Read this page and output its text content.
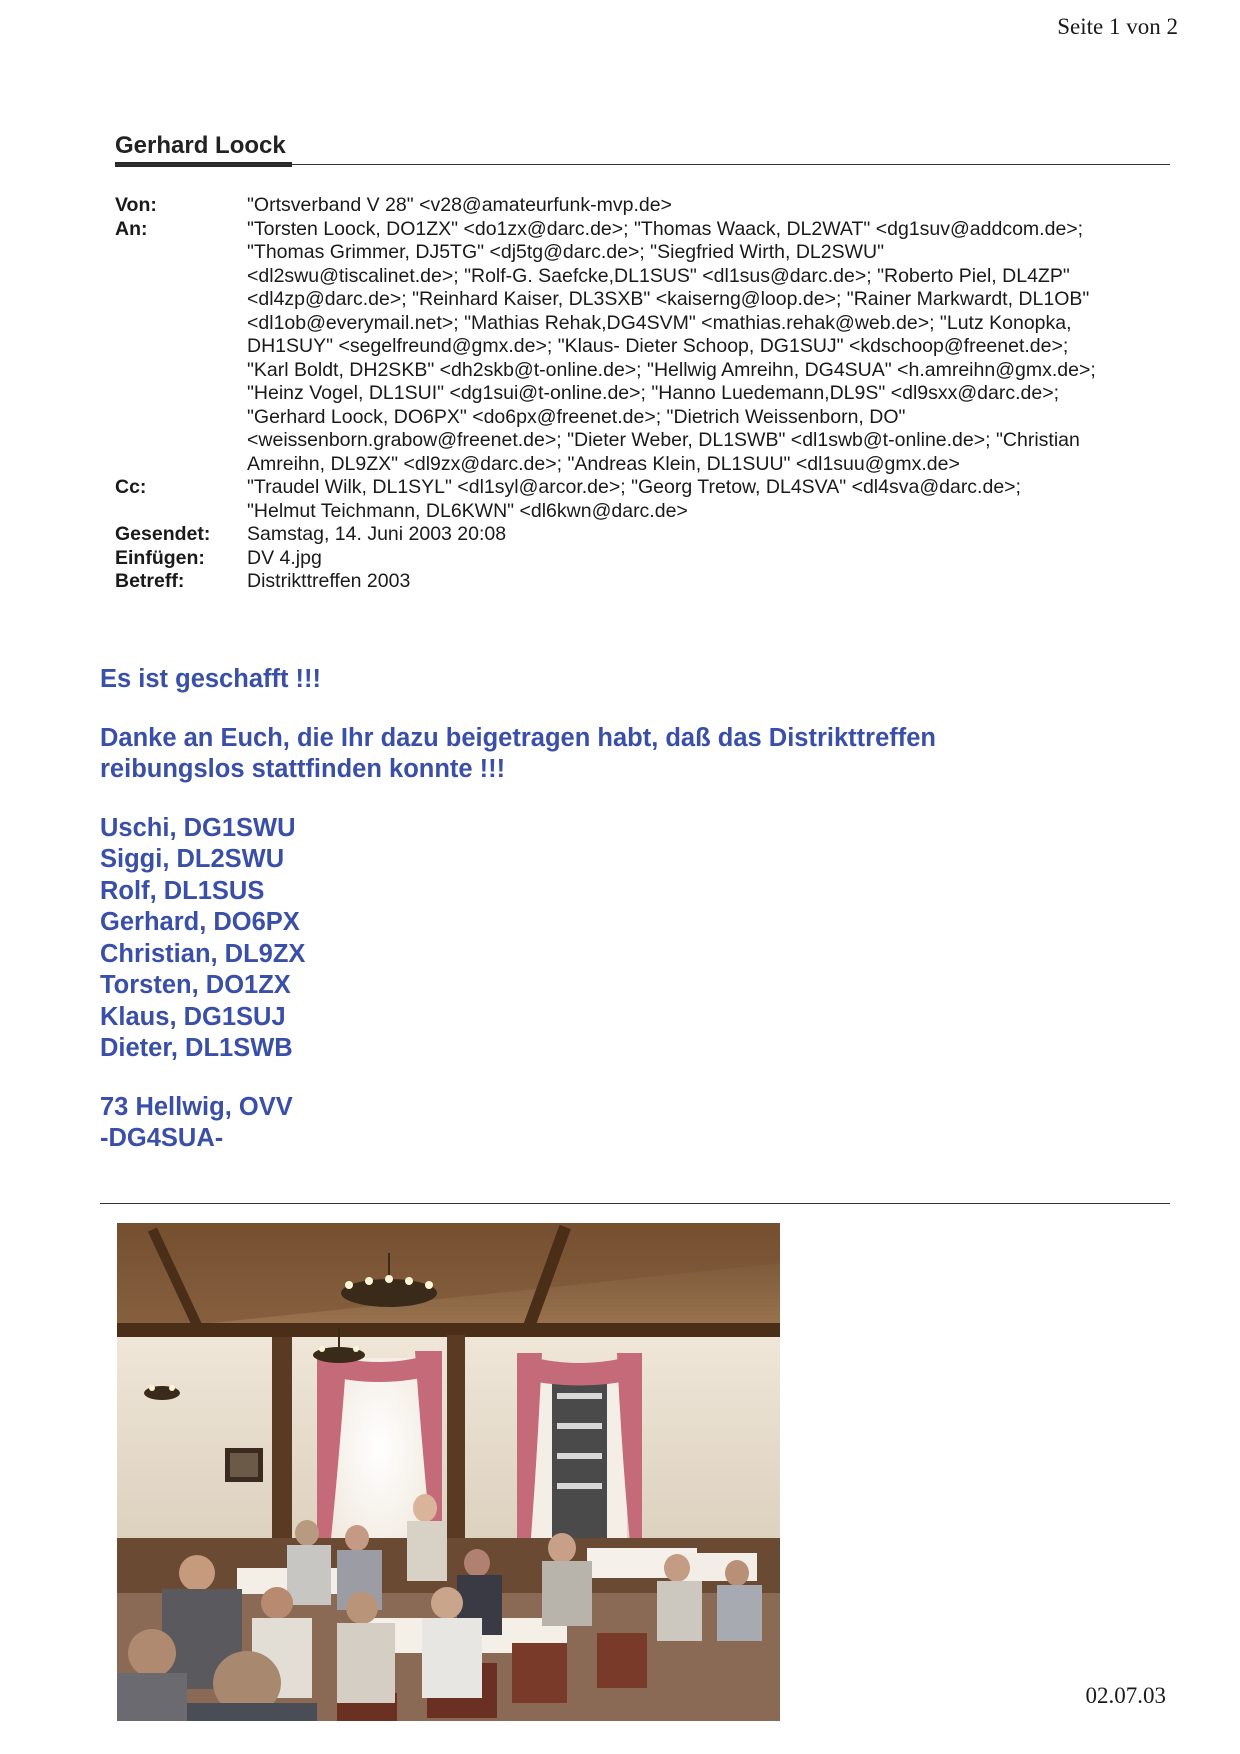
Seite 1 von 2
Gerhard Loock
Von:	"Ortsverband V 28" <v28@amateurfunk-mvp.de>
An:	"Torsten Loock, DO1ZX" <do1zx@darc.de>; "Thomas Waack, DL2WAT" <dg1suv@addcom.de>;
"Thomas Grimmer, DJ5TG" <dj5tg@darc.de>; "Siegfried Wirth, DL2SWU"
<dl2swu@tiscalinet.de>; "Rolf-G. Saefcke,DL1SUS" <dl1sus@darc.de>; "Roberto Piel, DL4ZP"
<dl4zp@darc.de>; "Reinhard Kaiser, DL3SXB" <kaiserng@loop.de>; "Rainer Markwardt, DL1OB"
<dl1ob@everymail.net>; "Mathias Rehak,DG4SVM" <mathias.rehak@web.de>; "Lutz Konopka,
DH1SUY" <segelfreund@gmx.de>; "Klaus- Dieter Schoop, DG1SUJ" <kdschoop@freenet.de>;
"Karl Boldt, DH2SKB" <dh2skb@t-online.de>; "Hellwig Amreihn, DG4SUA" <h.amreihn@gmx.de>;
"Heinz Vogel, DL1SUI" <dg1sui@t-online.de>; "Hanno Luedemann,DL9S" <dl9sxx@darc.de>;
"Gerhard Loock, DO6PX" <do6px@freenet.de>; "Dietrich Weissenborn, DO"
<weissenborn.grabow@freenet.de>; "Dieter Weber, DL1SWB" <dl1swb@t-online.de>; "Christian
Amreihn, DL9ZX" <dl9zx@darc.de>; "Andreas Klein, DL1SUU" <dl1suu@gmx.de>
Cc:	"Traudel Wilk, DL1SYL" <dl1syl@arcor.de>; "Georg Tretow, DL4SVA" <dl4sva@darc.de>;
"Helmut Teichmann, DL6KWN" <dl6kwn@darc.de>
Gesendet:	Samstag, 14. Juni 2003 20:08
Einfügen:	DV 4.jpg
Betreff:	Distrikttreffen 2003

Es ist geschafft !!!

Danke an Euch, die Ihr dazu beigetragen habt, daß das Distrikttreffen

reibungslos stattfinden konnte !!!

Uschi, DG1SWU

Siggi, DL2SWU

Rolf, DL1SUS

Gerhard, DO6PX

Christian, DL9ZX

Torsten, DO1ZX

Klaus, DG1SUJ

Dieter, DL1SWB

73 Hellwig, OVV

-DG4SUA-

02.07.03
